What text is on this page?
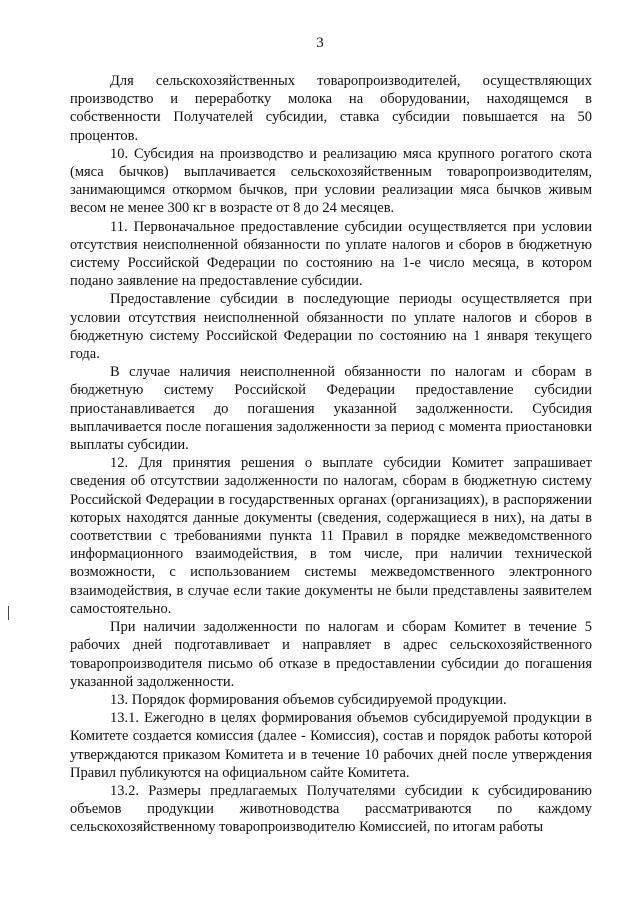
3

Для сельскохозяйственных товаропроизводителей, осуществляющих производство и переработку молока на оборудовании, находящемся в собственности Получателей субсидии, ставка субсидии повышается на 50 процентов.

10. Субсидия на производство и реализацию мяса крупного рогатого скота (мяса бычков) выплачивается сельскохозяйственным товаропроизводителям, занимающимся откормом бычков, при условии реализации мяса бычков живым весом не менее 300 кг в возрасте от 8 до 24 месяцев.

11. Первоначальное предоставление субсидии осуществляется при условии отсутствия неисполненной обязанности по уплате налогов и сборов в бюджетную систему Российской Федерации по состоянию на 1-е число месяца, в котором подано заявление на предоставление субсидии.

Предоставление субсидии в последующие периоды осуществляется при условии отсутствия неисполненной обязанности по уплате налогов и сборов в бюджетную систему Российской Федерации по состоянию на 1 января текущего года.

В случае наличия неисполненной обязанности по налогам и сборам в бюджетную систему Российской Федерации предоставление субсидии приостанавливается до погашения указанной задолженности. Субсидия выплачивается после погашения задолженности за период с момента приостановки выплаты субсидии.

12. Для принятия решения о выплате субсидии Комитет запрашивает сведения об отсутствии задолженности по налогам, сборам в бюджетную систему Российской Федерации в государственных органах (организациях), в распоряжении которых находятся данные документы (сведения, содержащиеся в них), на даты в соответствии с требованиями пункта 11 Правил в порядке межведомственного информационного взаимодействия, в том числе, при наличии технической возможности, с использованием системы межведомственного электронного взаимодействия, в случае если такие документы не были представлены заявителем самостоятельно.

При наличии задолженности по налогам и сборам Комитет в течение 5 рабочих дней подготавливает и направляет в адрес сельскохозяйственного товаропроизводителя письмо об отказе в предоставлении субсидии до погашения указанной задолженности.

13. Порядок формирования объемов субсидируемой продукции.

13.1. Ежегодно в целях формирования объемов субсидируемой продукции в Комитете создается комиссия (далее - Комиссия), состав и порядок работы которой утверждаются приказом Комитета и в течение 10 рабочих дней после утверждения Правил публикуются на официальном сайте Комитета.

13.2. Размеры предлагаемых Получателями субсидии к субсидированию объемов продукции животноводства рассматриваются по каждому сельскохозяйственному товаропроизводителю Комиссией, по итогам работы
